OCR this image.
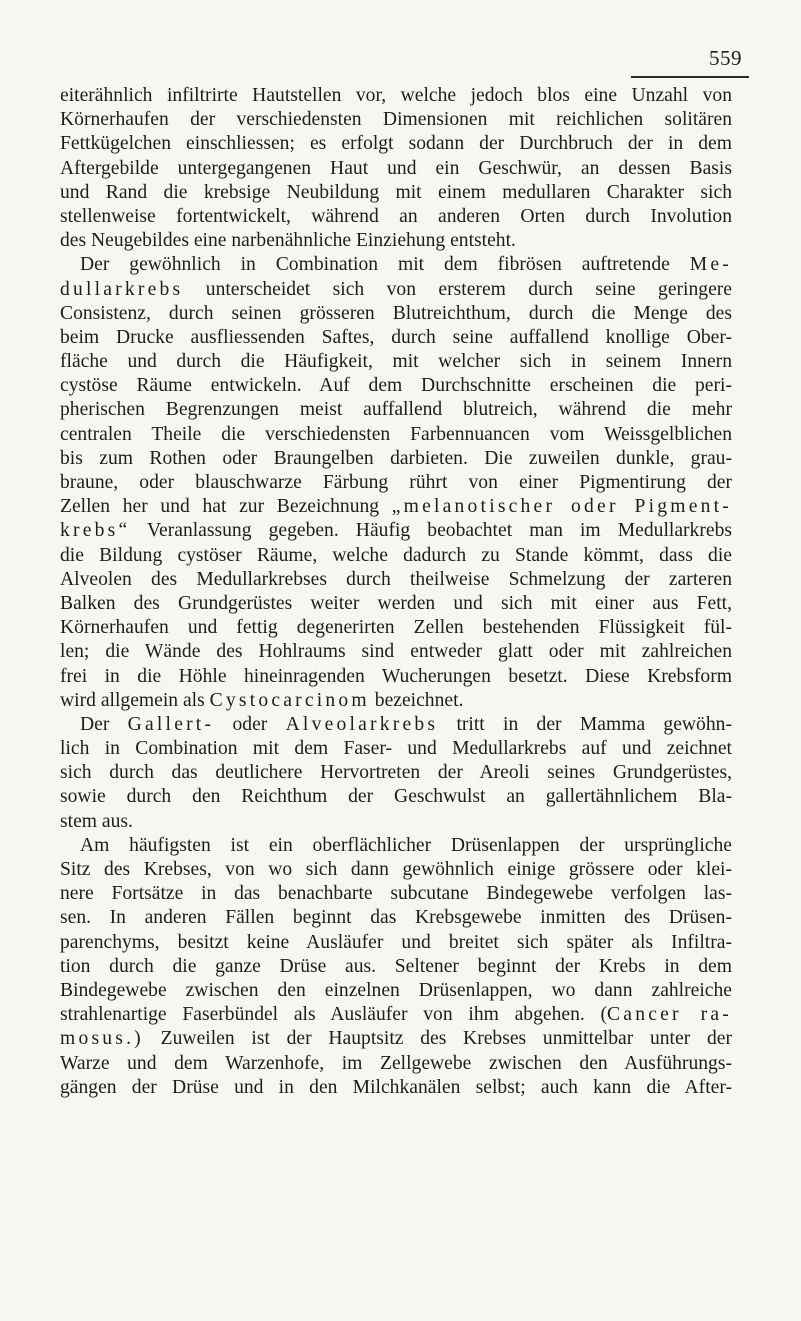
559
eiterähnlich infiltrirte Hautstellen vor, welche jedoch blos eine Unzahl von
Körnerhaufen der verschiedensten Dimensionen mit reichlichen solitären
Fettkügelchen einschliessen; es erfolgt sodann der Durchbruch der in dem
Aftergebilde untergegangenen Haut und ein Geschwür, an dessen Basis
und Rand die krebsige Neubildung mit einem medullaren Charakter sich
stellenweise fortentwickelt, während an anderen Orten durch Involution
des Neugebildes eine narbenähnliche Einziehung entsteht.
Der gewöhnlich in Combination mit dem fibrösen auftretende Me-
dullarkrebs unterscheidet sich von ersterem durch seine geringere
Consistenz, durch seinen grösseren Blutreichthum, durch die Menge des
beim Drucke ausfliessenden Saftes, durch seine auffallend knollige Ober-
fläche und durch die Häufigkeit, mit welcher sich in seinem Innern
cystöse Räume entwickeln. Auf dem Durchschnitte erscheinen die peri-
pherischen Begrenzungen meist auffallend blutreich, während die mehr
centralen Theile die verschiedensten Farbennuancen vom Weissgelblichen
bis zum Rothen oder Braungelben darbieten. Die zuweilen dunkle, grau-
braune, oder blauschwarze Färbung rührt von einer Pigmentirung der
Zellen her und hat zur Bezeichnung „melanotischer oder Pigment-
krebs“ Veranlassung gegeben. Häufig beobachtet man im Medullarkrebs
die Bildung cystöser Räume, welche dadurch zu Stande kömmt, dass die
Alveolen des Medullarkrebses durch theilweise Schmelzung der zarteren
Balken des Grundgerüstes weiter werden und sich mit einer aus Fett,
Körnerhaufen und fettig degenerirten Zellen bestehenden Flüssigkeit fül-
len; die Wände des Hohlraums sind entweder glatt oder mit zahlreichen
frei in die Höhle hineinragenden Wucherungen besetzt. Diese Krebsform
wird allgemein als Cystocarcinom bezeichnet.
Der Gallert- oder Alveolarkrebs tritt in der Mamma gewöhn-
lich in Combination mit dem Faser- und Medullarkrebs auf und zeichnet
sich durch das deutlichere Hervortreten der Areoli seines Grundgerüstes,
sowie durch den Reichthum der Geschwulst an gallertähnlichem Bla-
stem aus.
Am häufigsten ist ein oberflächlicher Drüsenlappen der ursprüngliche
Sitz des Krebses, von wo sich dann gewöhnlich einige grössere oder klei-
nere Fortsätze in das benachbarte subcutane Bindegewebe verfolgen las-
sen. In anderen Fällen beginnt das Krebsgewebe inmitten des Drüsen-
parenchyms, besitzt keine Ausläufer und breitet sich später als Infiltra-
tion durch die ganze Drüse aus. Seltener beginnt der Krebs in dem
Bindegewebe zwischen den einzelnen Drüsenlappen, wo dann zahlreiche
strahlenartige Faserbündel als Ausläufer von ihm abgehen. (Cancer ra-
mosus.) Zuweilen ist der Hauptsitz des Krebses unmittelbar unter der
Warze und dem Warzenhofe, im Zellgewebe zwischen den Ausführungs-
gängen der Drüse und in den Milchkanälen selbst; auch kann die After-
